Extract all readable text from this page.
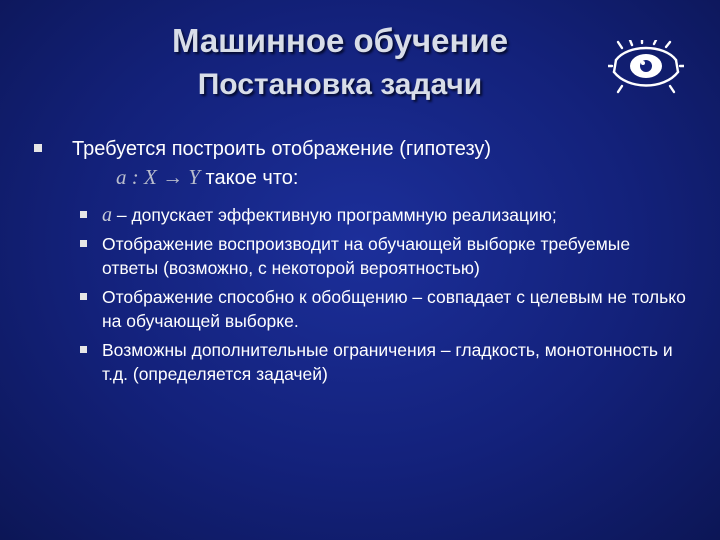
Машинное обучение
Постановка задачи
Требуется построить отображение (гипотезу)
a : X → Y такое что:
a – допускает эффективную программную реализацию;
Отображение воспроизводит на обучающей выборке требуемые ответы (возможно, с некоторой вероятностью)
Отображение способно к обобщению – совпадает с целевым не только на обучающей выборке.
Возможны дополнительные ограничения – гладкость, монотонность и т.д. (определяется задачей)
